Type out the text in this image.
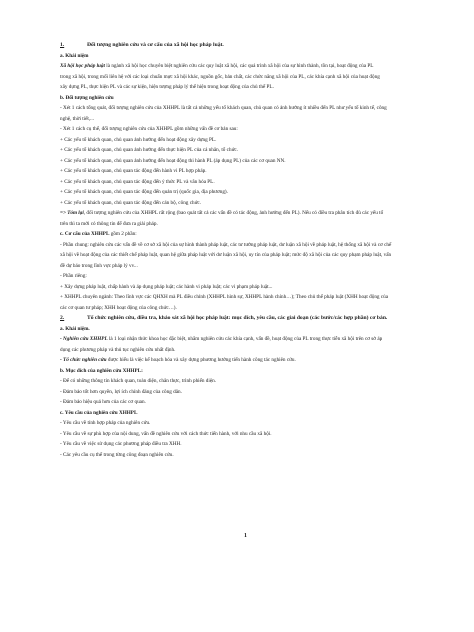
1.	Đối tượng nghiên cứu và cơ cấu của xã hội học pháp luật.

a. Khái niệm

Xã hội học pháp luật là ngành xã hội học chuyên biệt nghiên cứu các quy luật xã hội, các quá trình xã hội của sự hình thành, tồn tại, hoạt động của PL

trong xã hội, trong mối liên hệ với các loại chuẩn mực xã hội khác, nguồn gốc, bản chất, các chức năng xã hội của PL, các khía cạnh xã hội của hoạt động

xây dựng PL, thực hiện PL và các sự kiện, hiện tượng pháp lý thể hiện trong hoạt động của chủ thể PL.

b. Đối tượng nghiên cứu

- Xét 1 cách tổng quát, đối tượng nghiên cứu của XHHPL là tất cả những yếu tố khách quan, chủ quan có ảnh hưởng ít nhiều đến PL như yếu tố kinh tế, công

nghệ, thời tiết,...

- Xét 1 cách cụ thể, đối tượng nghiên cứu của XHHPL gồm những vấn đề cơ bản sau:

+ Các yếu tố khách quan, chủ quan ảnh hưởng đến hoạt động xây dựng PL.

+ Các yếu tố khách quan, chủ quan ảnh hưởng đến thực hiện PL của cá nhân, tổ chức.

+ Các yếu tố khách quan, chủ quan ảnh hưởng đến hoạt động thi hành PL (áp dụng PL) của các cơ quan NN.

+ Các yếu tố khách quan, chủ quan tác động đến hành vi PL hợp pháp.

+ Các yếu tố khách quan, chủ quan tác động đến ý thức PL và văn hóa PL.

+ Các yếu tố khách quan, chủ quan tác động đến quản trị (quốc gia, địa phương).

+ Các yếu tố khách quan, chủ quan tác động đến cán bộ, công chức.

=> Tóm lại, đối tượng nghiên cứu của XHHPL rất rộng (bao quát tất cả các vấn đề có tác động, ảnh hưởng đến PL). Nếu có điều tra phân tích đủ các yếu tố

trên thì ta mới có thông tin để đưa ra giải pháp.

c. Cơ cấu của XHHPL gồm 2 phần:

- Phần chung: nghiên cứu các vấn đề về cơ sở xã hội của sự hình thành pháp luật, các tư tưởng pháp luật, dư luận xã hội về pháp luật, hệ thống xã hội và cơ chế

xã hội về hoạt động của các thiết chế pháp luật, quan hệ giữa pháp luật với dư luận xã hội, uy tín của pháp luật; mức độ xã hội của các quy phạm pháp luật, vấn

đề dự báo trong lĩnh vực pháp lý vv...

- Phần riêng:

+ Xây dựng pháp luật, chấp hành và áp dụng pháp luật; các hành vi pháp luật; các vi phạm pháp luật...

+ XHHPL chuyên ngành: Theo lĩnh vực các QHXH mà PL điều chỉnh (XHHPL hình sự, XHHPL hành chính…); Theo chủ thể pháp luật (XHH hoạt động của

các cơ quan tư pháp; XHH hoạt động của công chức…).

2.	Tổ chức nghiên cứu, điều tra, khảo sát xã hội học pháp luật: mục đích, yêu cầu, các giai đoạn (các bước/các hợp phần) cơ bản.

a. Khái niệm.

- Nghiên cứu XHHPL là 1 loại nhận thức khoa học đặc biệt, nhằm nghiên cứu các khía cạnh, vấn đề, hoạt động của PL trong thực tiễn xã hội trên cơ sở áp

dụng các phương pháp và thủ tục nghiên cứu nhất định.

- Tổ chức nghiên cứu được hiểu là việc kế hoạch hóa và xây dựng phương hướng tiến hành công tác nghiên cứu.

b. Mục đích của nghiên cứu XHHPL:

- Để có những thông tin khách quan, toàn diện, chân thực, trình phiến diện.

- Đảm bảo tốt hơn quyền, lợi ích chính đáng của công dân.

- Đảm bảo hiệu quả hơn của các cơ quan.

c. Yêu cầu của nghiên cứu XHHPL

- Yêu cầu về tính hợp pháp của nghiên cứu.

- Yêu cầu về sự phù hợp của nội dung, vấn đề nghiên cứu với cách thức tiến hành, với nhu cầu xã hội.

- Yêu cầu về việc sử dụng các phương pháp điều tra XHH.

- Các yêu cầu cụ thể trong từng công đoạn nghiên cứu.

1
